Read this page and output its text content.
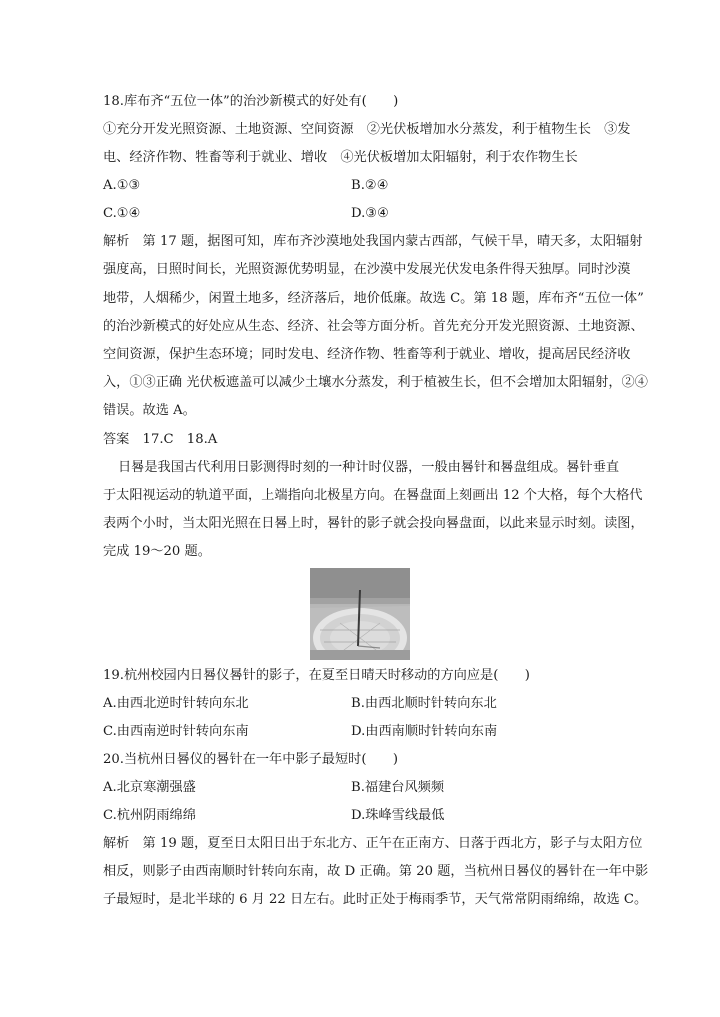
18.库布齐“五位一体”的治沙新模式的好处有(　　)
①充分开发光照资源、土地资源、空间资源　②光伏板增加水分蒸发，利于植物生长　③发
电、经济作物、牲畜等利于就业、增收　④光伏板增加太阳辐射，利于农作物生长
A.①③	B.②④
C.①④	D.③④
解析　第 17 题，据图可知，库布齐沙漠地处我国内蒙古西部，气候干旱，晴天多，太阳辐射
强度高，日照时间长，光照资源优势明显，在沙漠中发展光伏发电条件得天独厚。同时沙漠
地带，人烟稀少，闲置土地多，经济落后，地价低廉。故选 C。第 18 题，库布齐“五位一体”
的治沙新模式的好处应从生态、经济、社会等方面分析。首先充分开发光照资源、土地资源、
空间资源，保护生态环境；同时发电、经济作物、牲畜等利于就业、增收，提高居民经济收
入，①③正确 光伏板遮盖可以减少土壤水分蒸发，利于植被生长，但不会增加太阳辐射，②④
错误。故选 A。
答案　17.C　18.A
日晷是我国古代利用日影测得时刻的一种计时仪器，一般由晷针和晷盘组成。晷针垂直
于太阳视运动的轨道平面，上端指向北极星方向。在晷盘面上刻画出 12 个大格，每个大格代
表两个小时，当太阳光照在日晷上时，晷针的影子就会投向晷盘面，以此来显示时刻。读图，
完成 19～20 题。
19.杭州校园内日晷仪晷针的影子，在夏至日晴天时移动的方向应是(　　)
A.由西北逆时针转向东北	B.由西北顺时针转向东北
C.由西南逆时针转向东南	D.由西南顺时针转向东南
20.当杭州日晷仪的晷针在一年中影子最短时(　　)
A.北京寒潮强盛	B.福建台风频频
C.杭州阴雨绵绵	D.珠峰雪线最低
解析　第 19 题，夏至日太阳日出于东北方、正午在正南方、日落于西北方，影子与太阳方位
相反，则影子由西南顺时针转向东南，故 D 正确。第 20 题，当杭州日晷仪的晷针在一年中影
子最短时，是北半球的 6 月 22 日左右。此时正处于梅雨季节，天气常常阴雨绵绵，故选 C。
